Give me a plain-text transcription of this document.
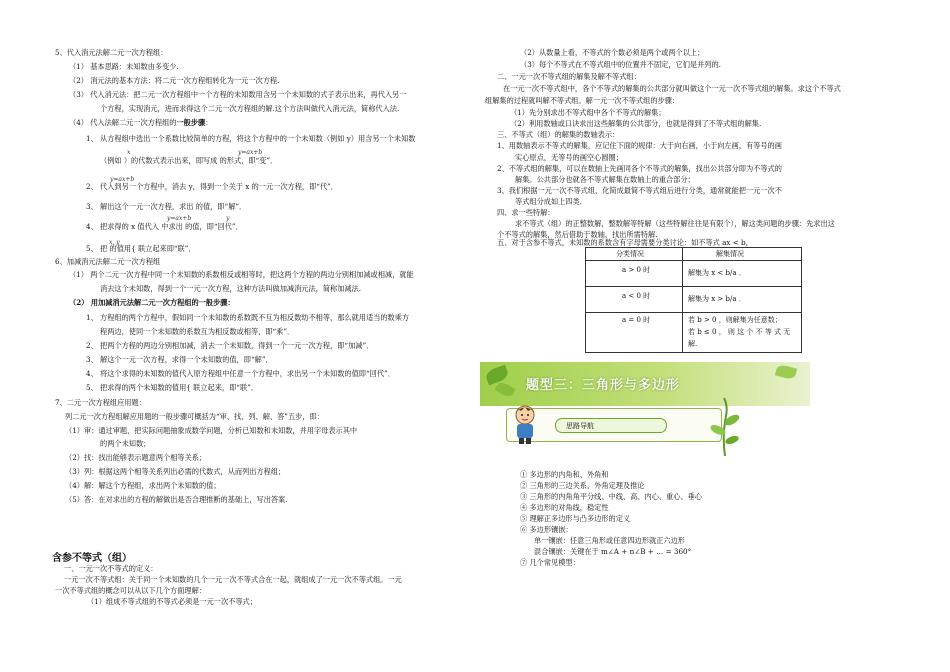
5、代入消元法解二元一次方程组：
（1） 基本思路：未知数由多变少.
（2） 消元法的基本方法：将二元一次方程组转化为一元一次方程.
（3） 代入消元法：把二元一次方程组中一个方程的未知数用含另一个未知数的式子表示出来，再代入另一
个方程，实现消元，进而求得这个二元一次方程组的解.这个方法叫做代入消元法，简称代入法.
（4） 代入法解二元一次方程组的一般步骤：
1、 从方程组中选出一个系数比较简单的方程，将这个方程中的一个未知数（例如 y）用含另一个未知数
x	y=ax+b
（例如 ）的代数式表示出来，即写成 的形式，即“变”．
y=ax+b
2、 代入到另一个方程中，消去 y，得到一个关于 x 的一元一次方程，即“代”．
3、 解出这个一元一次方程，求出 的值，即“解”．
y=ax+b	y
4、 把求得的 x 值代入 中求出 的值，即“回代”．
x, y
5、 把 的值用{ 联立起来即“联”．
6、加减消元法解二元一次方程组
（1） 两个二元一次方程中同一个未知数的系数相反或相等时，把这两个方程的两边分别相加减或相减，就能
消去这个未知数，得到一个一元一次方程，这种方法叫做加减消元法，简称加减法.
（2） 用加减消元法解二元一次方程组的一般步骤：
1、 方程组的两个方程中，假如同一个未知数的系数既不互为相反数幼不相等，那么就用适当的数乘方
程两边，使同一个未知数的系数互为相反数或相等，即“乘”．
2、 把两个方程的两边分别相加减，消去一个未知数，得到一个一元一次方程，即“加减”．
3、 解这个一元一次方程，求得一个未知数的值，即“解”．
4、 将这个求得的未知数的值代入原方程组中任意一个方程中，求出另一个未知数的值即“回代”．
5、 把求得的两个未知数的值用{ 联立起来，即“联”．
7、二元一次方程组应用题：
列二元一次方程组解应用题的一般步骤可概括为“审、找、列、解、答”五步，即：
（1）审：通过审题，把实际问题抽象成数学问题，分析已知数和未知数，并用字母表示其中
的两个未知数；
（2）找：找出能够表示题意两个相等关系；
（3）列：根据这两个相等关系列出必需的代数式，从而列出方程组；
（4）解：解这个方程组，求出两个未知数的值；
（5）答：在对求出的方程的解做出是否合理推断的基础上，写出答案.
含参不等式（组）
一、一元一次不等式的定义：
一元一次不等式组：关于同一个未知数的几个一元一次不等式合在一起，就组成了一元一次不等式组。一元
一次不等式组的概念可以从以下几个方面理解：
（1）组成不等式组的不等式必须是一元一次不等式；
（2）从数量上看，不等式的个数必须是两个或两个以上；
（3）每个不等式在不等式组中的位置并不固定，它们是并列的.
二、一元一次不等式组的解集及解不等式组：
在一元一次不等式组中，各个不等式的解集的公共部分就叫做这个一元一次不等式组的解集。求这个不等式
组解集的过程就叫解不等式组。解一元一次不等式组的步骤：
（1）先分别求出不等式组中各个不等式的解集；
（2）利用数轴或口诀求出这些解集的公共部分，也就是得到了不等式组的解集.
三、不等式（组）的解集的数轴表示：
1、用数轴表示不等式的解集，应记住下面的规律：大于向右画，小于向左画，有等号的画
实心原点，无等号的画空心圆圈；
2、不等式组的解集，可以在数轴上先画同各个不等式的解集，找出公共部分即为不等式的
解集。公共部分也就各不等式解集在数轴上的重合部分；
3、我们根据一元一次不等式组，化简成最简不等式组后进行分类，通常就能把一元一次不
等式组分成如上四类.
四、求一些特解：
求不等式（组）的正整数解，整数解等特解（这些特解往往是有限个），解这类问题的步骤：先求出这
个不等式的解集，然后借助于数轴，找出所需特解.
五、对于含参不等式，未知数的系数含有字母需要分类讨论：如不等式 ax < b，
分类情况	解集情况
a > 0 时	解集为 x < b/a ．
a < 0 时	解集为 x > b/a ．
a = 0 时	若 b > 0 ，则解集为任意数；
若 b ≤ 0 ， 则 这 个 不 等 式 无
解.
题型三：三角形与多边形
思路导航
① 多边形的内角和、外角和
② 三角形的三边关系，外角定理及推论
③ 三角形的内角角平分线、中线、高、内心、重心、垂心
④ 多边形的对角线，稳定性
⑤ 理解正多边形与凸多边形的定义
⑥ 多边形镶嵌：
单一镶嵌：任意三角形或任意四边形就正六边形
混合镶嵌：关键在于 m∠A + n∠B + … = 360°
⑦ 几个常见模型：
